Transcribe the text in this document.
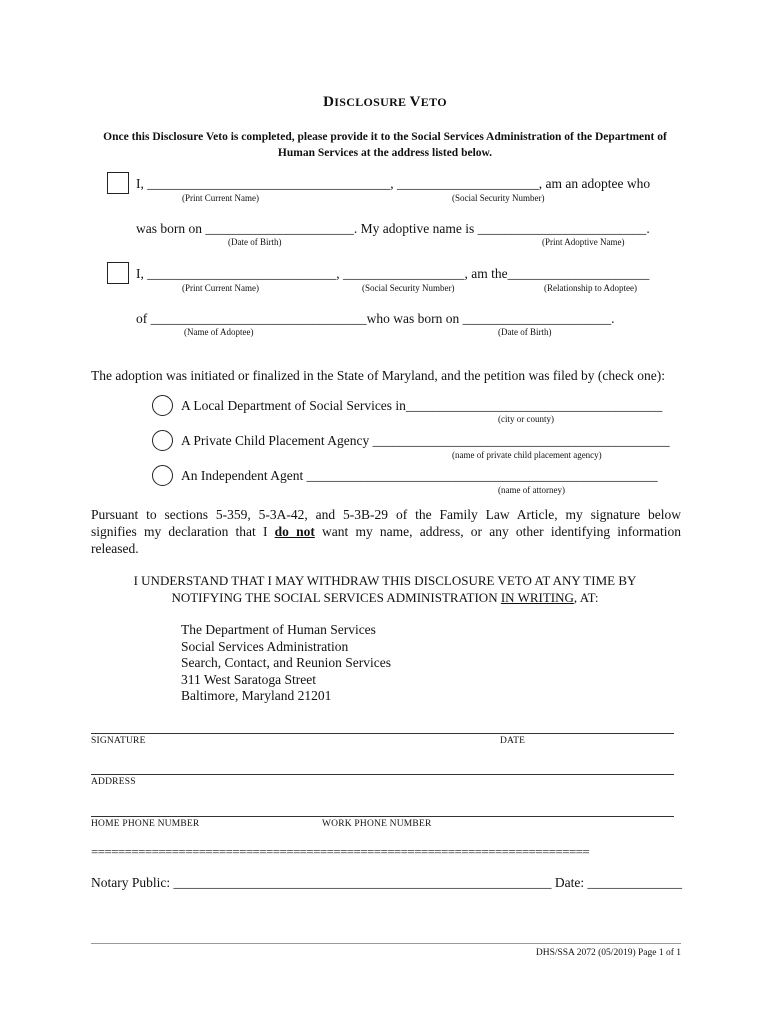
DISCLOSURE VETO
Once this Disclosure Veto is completed, please provide it to the Social Services Administration of the Department of Human Services at the address listed below.
I, ____________________________________, _____________________, am an adoptee who
(Print Current Name)	(Social Security Number)
was born on ______________________. My adoptive name is _________________________.
(Date of Birth)	(Print Adoptive Name)
I, ____________________________, __________________, am the_____________________
(Print Current Name)	(Social Security Number)	(Relationship to Adoptee)
of ________________________________who was born on ______________________.
(Name of Adoptee)	(Date of Birth)
The adoption was initiated or finalized in the State of Maryland, and the petition was filed by (check one):
A Local Department of Social Services in______________________________________
(city or county)
A Private Child Placement Agency ____________________________________________
(name of private child placement agency)
An Independent Agent ____________________________________________________
(name of attorney)
Pursuant to sections 5-359, 5-3A-42, and 5-3B-29 of the Family Law Article, my signature below signifies my declaration that I do not want my name, address, or any other identifying information released.
I UNDERSTAND THAT I MAY WITHDRAW THIS DISCLOSURE VETO AT ANY TIME BY
NOTIFYING THE SOCIAL SERVICES ADMINISTRATION IN WRITING, AT:
The Department of Human Services
Social Services Administration
Search, Contact, and Reunion Services
311 West Saratoga Street
Baltimore, Maryland 21201
SIGNATURE	DATE
ADDRESS
HOME PHONE NUMBER	WORK PHONE NUMBER
==========================================================================
Notary Public: ________________________________________________________ Date: ______________
DHS/SSA 2072 (05/2019) Page 1 of 1
